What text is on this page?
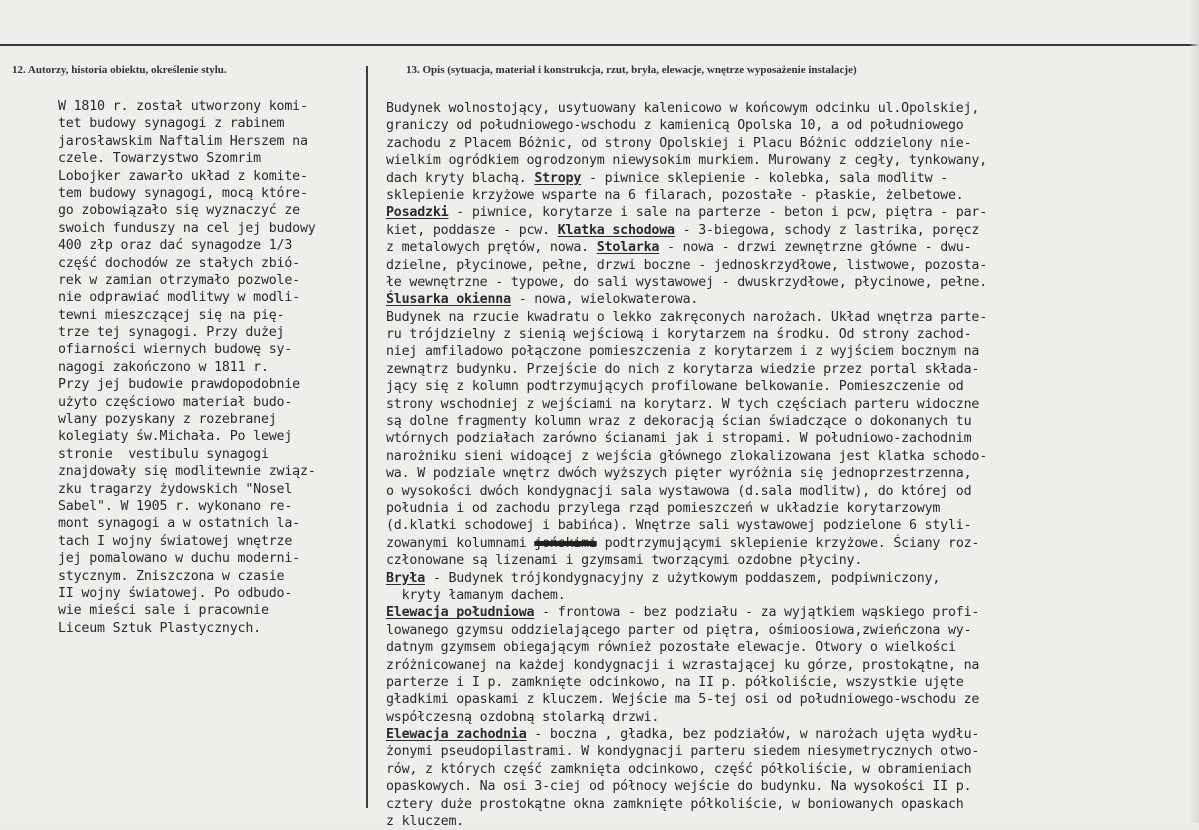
12. Autorzy, historia obiektu, określenie stylu.	13. Opis (sytuacja, materiał i konstrukcja, rzut, bryła, elewacje, wnętrze wyposażenie instalacje)
W 1810 r. został utworzony komi-
tet budowy synagogi z rabinem
jarosławskim Naftalim Herszem na
czele. Towarzystwo Szomrim
Lobojker zawarło układ z komite-
tem budowy synagogi, mocą które-
go zobowiązało się wyznaczyć ze
swoich funduszy na cel jej budowy
400 złp oraz dać synagodze 1/3
część dochodów ze stałych zbió-
rek w zamian otrzymało pozwole-
nie odprawiać modlitwy w modli-
tewni mieszczącej się na pię-
trze tej synagogi. Przy dużej
ofiarności wiernych budowę sy-
nagogi zakończono w 1811 r.
Przy jej budowie prawdopodobnie
użyto częściowo materiał budo-
wlany pozyskany z rozebranej
kolegiaty św.Michała. Po lewej
stronie  vestibulu synagogi
znajdowały się modlitewnie związ-
zku tragarzy żydowskich "Nosel
Sabel". W 1905 r. wykonano re-
mont synagogi a w ostatnich la-
tach I wojny światowej wnętrze
jej pomalowano w duchu moderni-
stycznym. Zniszczona w czasie
II wojny światowej. Po odbudo-
wie mieści sale i pracownie
Liceum Sztuk Plastycznych.
Budynek wolnostojący, usytuowany kalenicowo w końcowym odcinku ul.Opolskiej,
graniczy od południowego-wschodu z kamienicą Opolska 10, a od południowego
zachodu z Placem Bóżnic, od strony Opolskiej i Placu Bóżnic oddzielony nie-
wielkim ogródkiem ogrodzonym niewysokim murkiem. Murowany z cegły, tynkowany,
dach kryty blachą. Stropy - piwnice sklepienie - kolebka, sala modlitw -
sklepienie krzyżowe wsparte na 6 filarach, pozostałe - płaskie, żelbetowe.
Posadzki - piwnice, korytarze i sale na parterze - beton i pcw, piętra - par-
kiet, poddasze - pcw. Klatka schodowa - 3-biegowa, schody z lastrika, poręcz
z metalowych prętów, nowa. Stolarka - nowa - drzwi zewnętrzne główne - dwu-
dzielne, płycinowe, pełne, drzwi boczne - jednoskrzydłowe, listwowe, pozosta-
łe wewnętrzne - typowe, do sali wystawowej - dwuskrzydłowe, płycinowe, pełne.
Ślusarka okienna - nowa, wielokwaterowa.
Budynek na rzucie kwadratu o lekko zakręconych narożach. Układ wnętrza parte-
ru trójdzielny z sienią wejściową i korytarzem na środku. Od strony zachod-
niej amfiladowo połączone pomieszczenia z korytarzem i z wyjściem bocznym na
zewnątrz budynku. Przejście do nich z korytarza wiedzie przez portal składa-
jący się z kolumn podtrzymujących profilowane belkowanie. Pomieszczenie od
strony wschodniej z wejściami na korytarz. W tych częściach parteru widoczne
są dolne fragmenty kolumn wraz z dekoracją ścian świadczące o dokonanych tu
wtórnych podziałach zarówno ścianami jak i stropami. W południowo-zachodnim
narożniku sieni widoącej z wejścia głównego zlokalizowana jest klatka schodo-
wa. W podziale wnętrz dwóch wyższych pięter wyróżnia się jednoprzestrzenna,
o wysokości dwóch kondygnacji sala wystawowa (d.sala modlitw), do której od
południa i od zachodu przylega rząd pomieszczeń w układzie korytarzowym
(d.klatki schodowej i babińca). Wnętrze sali wystawowej podzielone 6 styli-
zowanymi kolumnami jońskimi podtrzymującymi sklepienie krzyżowe. Ściany roz-
członowane są lizenami i gzymsami tworzącymi ozdobne płyciny.
Bryła - Budynek trójkondygnacyjny z użytkowym poddaszem, podpiwniczony,
kryty łamanym dachem.
Elewacja południowa - frontowa - bez podziału - za wyjątkiem wąskiego profi-
lowanego gzymsu oddzielającego parter od piętra, ośmioosiowa,zwieńczona wy-
datnym gzymsem obiegającym również pozostałe elewacje. Otwory o wielkości
zróżnicowanej na każdej kondygnacji i wzrastającej ku górze, prostokątne, na
parterze i I p. zamknięte odcinkowo, na II p. półkoliście, wszystkie ujęte
gładkimi opaskami z kluczem. Wejście ma 5-tej osi od południowego-wschodu ze
współczesną ozdobną stolarką drzwi.
Elewacja zachodnia - boczna , gładka, bez podziałów, w narożach ujęta wydłu-
żonymi pseudopilastrami. W kondygnacji parteru siedem niesymetrycznych otwo-
rów, z których część zamknięta odcinkowo, część półkoliście, w obramieniach
opaskowych. Na osi 3-ciej od północy wejście do budynku. Na wysokości II p.
cztery duże prostokątne okna zamknięte półkoliście, w boniowanych opaskach
z kluczem.
